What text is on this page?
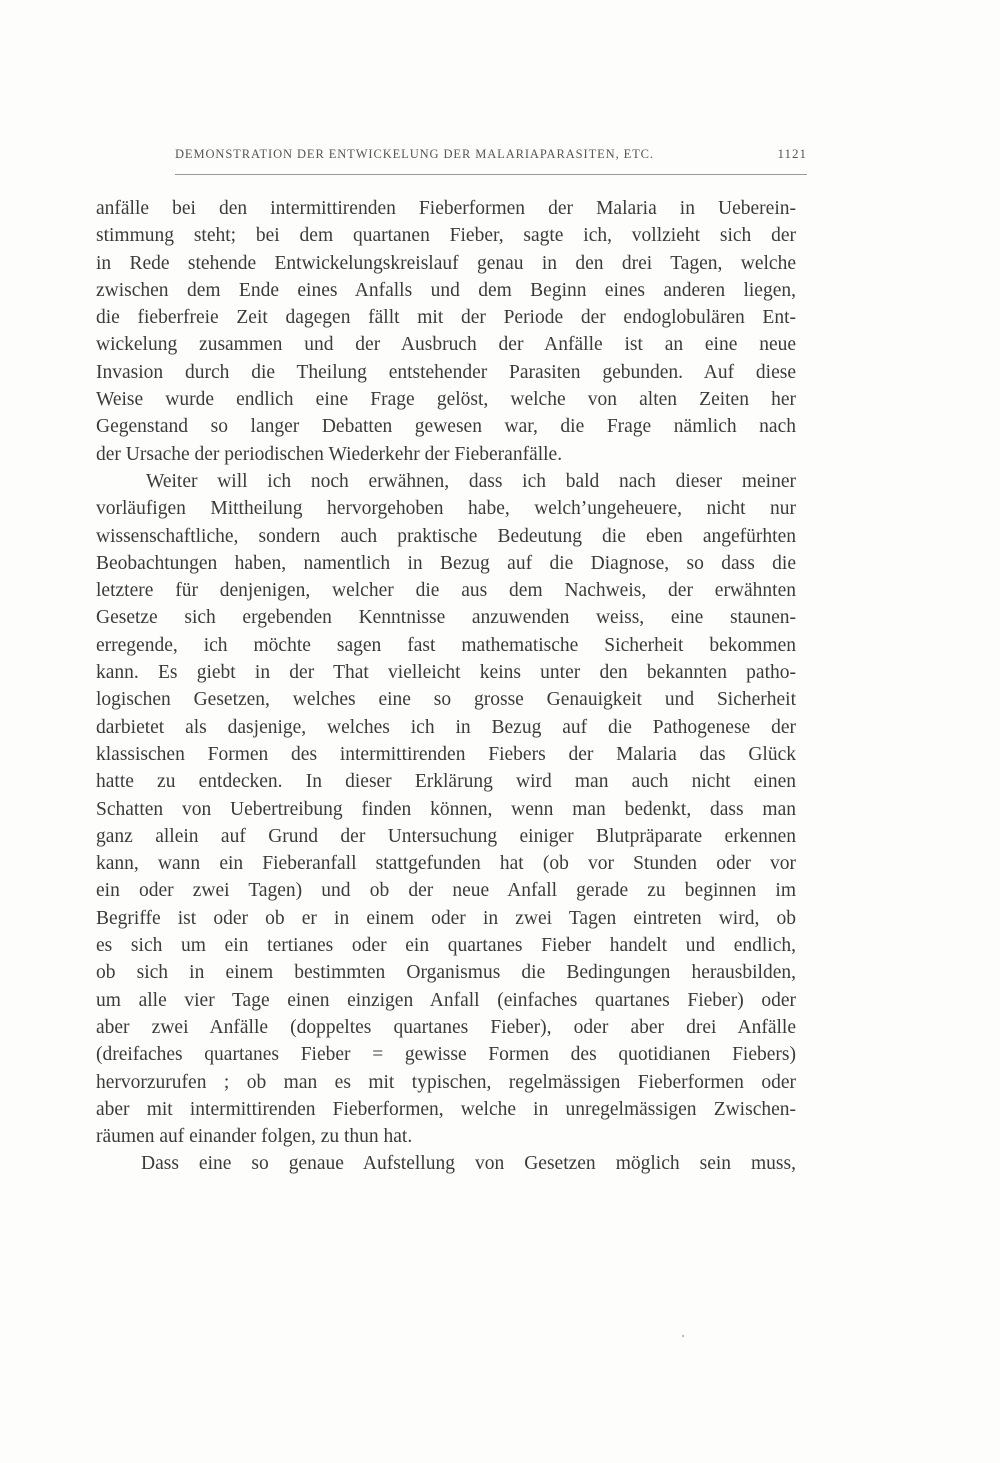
DEMONSTRATION DER ENTWICKELUNG DER MALARIAPARASITEN, ETC.	1121
anfälle bei den intermittirenden Fieberformen der Malaria in Ueberein-
stimmung steht; bei dem quartanen Fieber, sagte ich, vollzieht sich der
in Rede stehende Entwickelungskreislauf genau in den drei Tagen, welche
zwischen dem Ende eines Anfalls und dem Beginn eines anderen liegen,
die fieberfreie Zeit dagegen fällt mit der Periode der endoglobulären Ent-
wickelung zusammen und der Ausbruch der Anfälle ist an eine neue
Invasion durch die Theilung entstehender Parasiten gebunden. Auf diese
Weise wurde endlich eine Frage gelöst, welche von alten Zeiten her
Gegenstand so langer Debatten gewesen war, die Frage nämlich nach
der Ursache der periodischen Wiederkehr der Fieberanfälle.
Weiter will ich noch erwähnen, dass ich bald nach dieser meiner
vorläufigen Mittheilung hervorgehoben habe, welch’ungeheuere, nicht nur
wissenschaftliche, sondern auch praktische Bedeutung die eben angefürhten
Beobachtungen haben, namentlich in Bezug auf die Diagnose, so dass die
letztere für denjenigen, welcher die aus dem Nachweis, der erwähnten
Gesetze sich ergebenden Kenntnisse anzuwenden weiss, eine staunen-
erregende, ich möchte sagen fast mathematische Sicherheit bekommen
kann. Es giebt in der That vielleicht keins unter den bekannten patho-
logischen Gesetzen, welches eine so grosse Genauigkeit und Sicherheit
darbietet als dasjenige, welches ich in Bezug auf die Pathogenese der
klassischen Formen des intermittirenden Fiebers der Malaria das Glück
hatte zu entdecken. In dieser Erklärung wird man auch nicht einen
Schatten von Uebertreibung finden können, wenn man bedenkt, dass man
ganz allein auf Grund der Untersuchung einiger Blutpräparate erkennen
kann, wann ein Fieberanfall stattgefunden hat (ob vor Stunden oder vor
ein oder zwei Tagen) und ob der neue Anfall gerade zu beginnen im
Begriffe ist oder ob er in einem oder in zwei Tagen eintreten wird, ob
es sich um ein tertianes oder ein quartanes Fieber handelt und endlich,
ob sich in einem bestimmten Organismus die Bedingungen herausbilden,
um alle vier Tage einen einzigen Anfall (einfaches quartanes Fieber) oder
aber zwei Anfälle (doppeltes quartanes Fieber), oder aber drei Anfälle
(dreifaches quartanes Fieber = gewisse Formen des quotidianen Fiebers)
hervorzurufen ; ob man es mit typischen, regelmässigen Fieberformen oder
aber mit intermittirenden Fieberformen, welche in unregelmässigen Zwischen-
räumen auf einander folgen, zu thun hat.
Dass eine so genaue Aufstellung von Gesetzen möglich sein muss,
